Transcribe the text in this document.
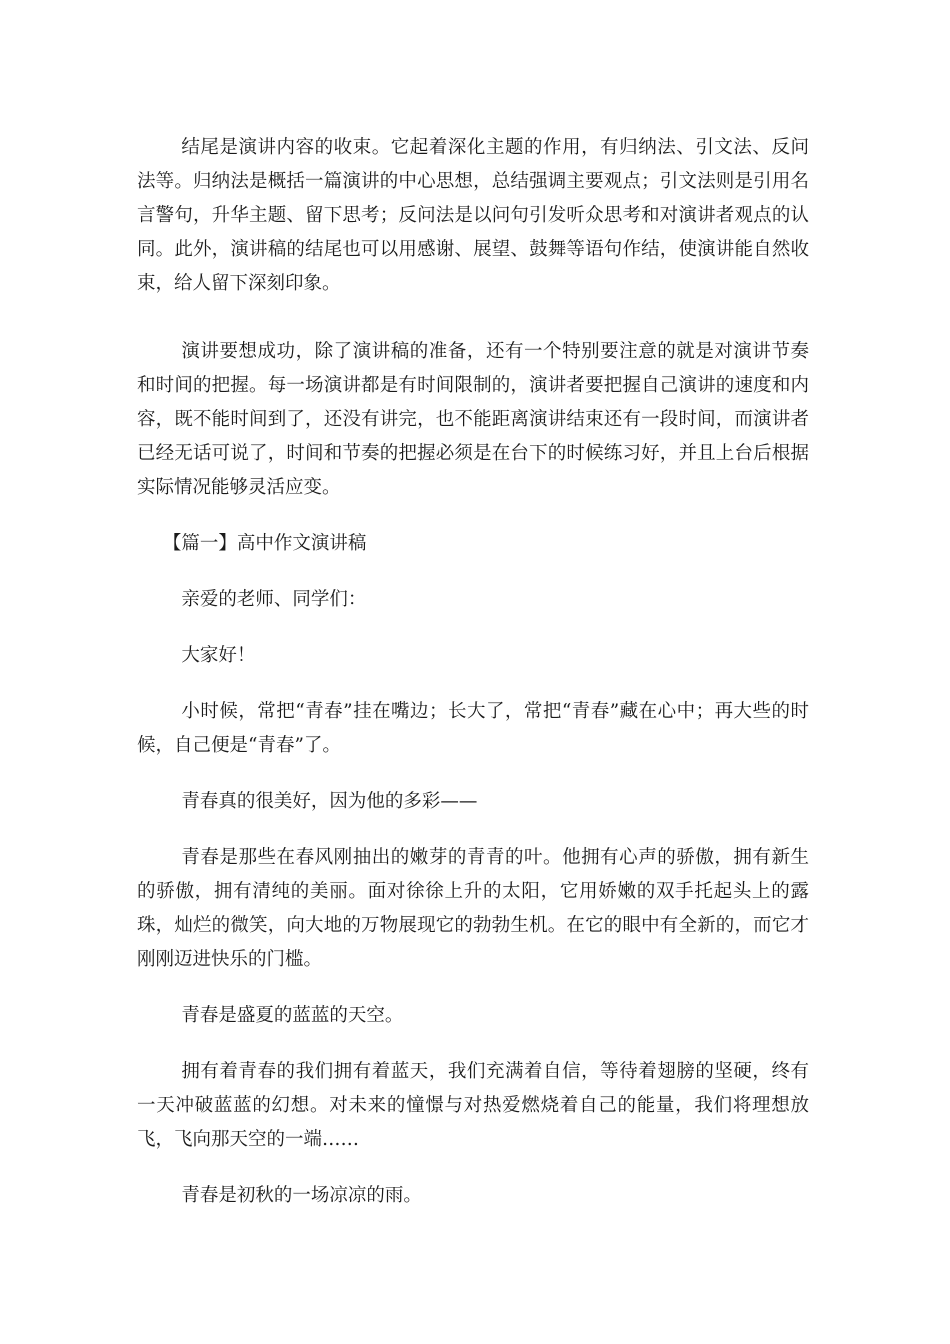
结尾是演讲内容的收束。它起着深化主题的作用，有归纳法、引文法、反问法等。归纳法是概括一篇演讲的中心思想，总结强调主要观点；引文法则是引用名言警句，升华主题、留下思考；反问法是以问句引发听众思考和对演讲者观点的认同。此外，演讲稿的结尾也可以用感谢、展望、鼓舞等语句作结，使演讲能自然收束，给人留下深刻印象。

演讲要想成功，除了演讲稿的准备，还有一个特别要注意的就是对演讲节奏和时间的把握。每一场演讲都是有时间限制的，演讲者要把握自己演讲的速度和内容，既不能时间到了，还没有讲完，也不能距离演讲结束还有一段时间，而演讲者已经无话可说了，时间和节奏的把握必须是在台下的时候练习好，并且上台后根据实际情况能够灵活应变。

【篇一】高中作文演讲稿

亲爱的老师、同学们：

大家好！

小时候，常把“青春”挂在嘴边；长大了，常把“青春”藏在心中；再大些的时候，自己便是“青春”了。

青春真的很美好，因为他的多彩——

青春是那些在春风刚抽出的嫩芽的青青的叶。他拥有心声的骄傲，拥有新生的骄傲，拥有清纯的美丽。面对徐徐上升的太阳，它用娇嫩的双手托起头上的露珠，灿烂的微笑，向大地的万物展现它的勃勃生机。在它的眼中有全新的，而它才刚刚迈进快乐的门槛。

青春是盛夏的蓝蓝的天空。

拥有着青春的我们拥有着蓝天，我们充满着自信，等待着翅膀的坚硬，终有一天冲破蓝蓝的幻想。对未来的憧憬与对热爱燃烧着自己的能量，我们将理想放飞，飞向那天空的一端……

青春是初秋的一场凉凉的雨。
